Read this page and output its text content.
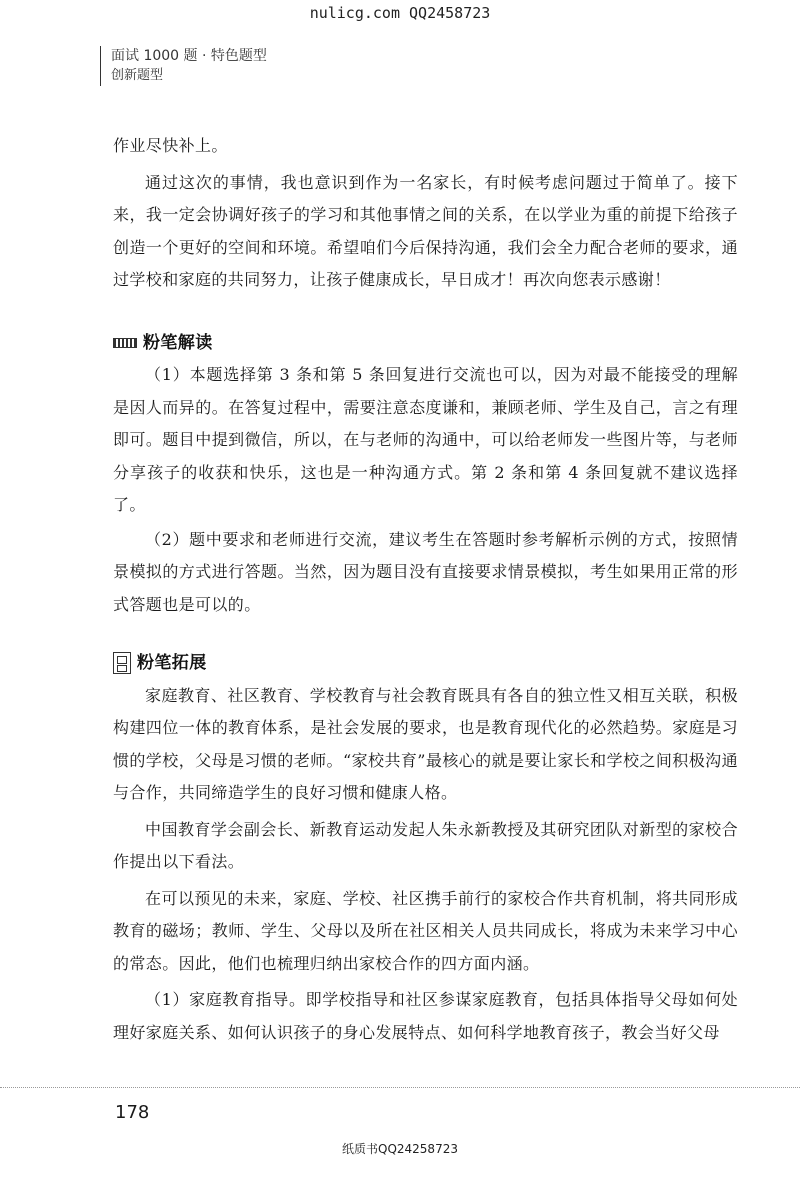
nulicg.com QQ2458723
面试 1000 题 · 特色题型
创新题型

作业尽快补上。

通过这次的事情，我也意识到作为一名家长，有时候考虑问题过于简单了。接下来，我一定会协调好孩子的学习和其他事情之间的关系，在以学业为重的前提下给孩子创造一个更好的空间和环境。希望咱们今后保持沟通，我们会全力配合老师的要求，通过学校和家庭的共同努力，让孩子健康成长，早日成才！再次向您表示感谢！

粉笔解读

（1）本题选择第 3 条和第 5 条回复进行交流也可以，因为对最不能接受的理解是因人而异的。在答复过程中，需要注意态度谦和，兼顾老师、学生及自己，言之有理即可。题目中提到微信，所以，在与老师的沟通中，可以给老师发一些图片等，与老师分享孩子的收获和快乐，这也是一种沟通方式。第 2 条和第 4 条回复就不建议选择了。

（2）题中要求和老师进行交流，建议考生在答题时参考解析示例的方式，按照情景模拟的方式进行答题。当然，因为题目没有直接要求情景模拟，考生如果用正常的形式答题也是可以的。

粉笔拓展

家庭教育、社区教育、学校教育与社会教育既具有各自的独立性又相互关联，积极构建四位一体的教育体系，是社会发展的要求，也是教育现代化的必然趋势。家庭是习惯的学校，父母是习惯的老师。“家校共育”最核心的就是要让家长和学校之间积极沟通与合作，共同缔造学生的良好习惯和健康人格。

中国教育学会副会长、新教育运动发起人朱永新教授及其研究团队对新型的家校合作提出以下看法。

在可以预见的未来，家庭、学校、社区携手前行的家校合作共育机制，将共同形成教育的磁场；教师、学生、父母以及所在社区相关人员共同成长，将成为未来学习中心的常态。因此，他们也梳理归纳出家校合作的四方面内涵。

（1）家庭教育指导。即学校指导和社区参谋家庭教育，包括具体指导父母如何处理好家庭关系、如何认识孩子的身心发展特点、如何科学地教育孩子，教会当好父母

178
纸质书QQ24258723
